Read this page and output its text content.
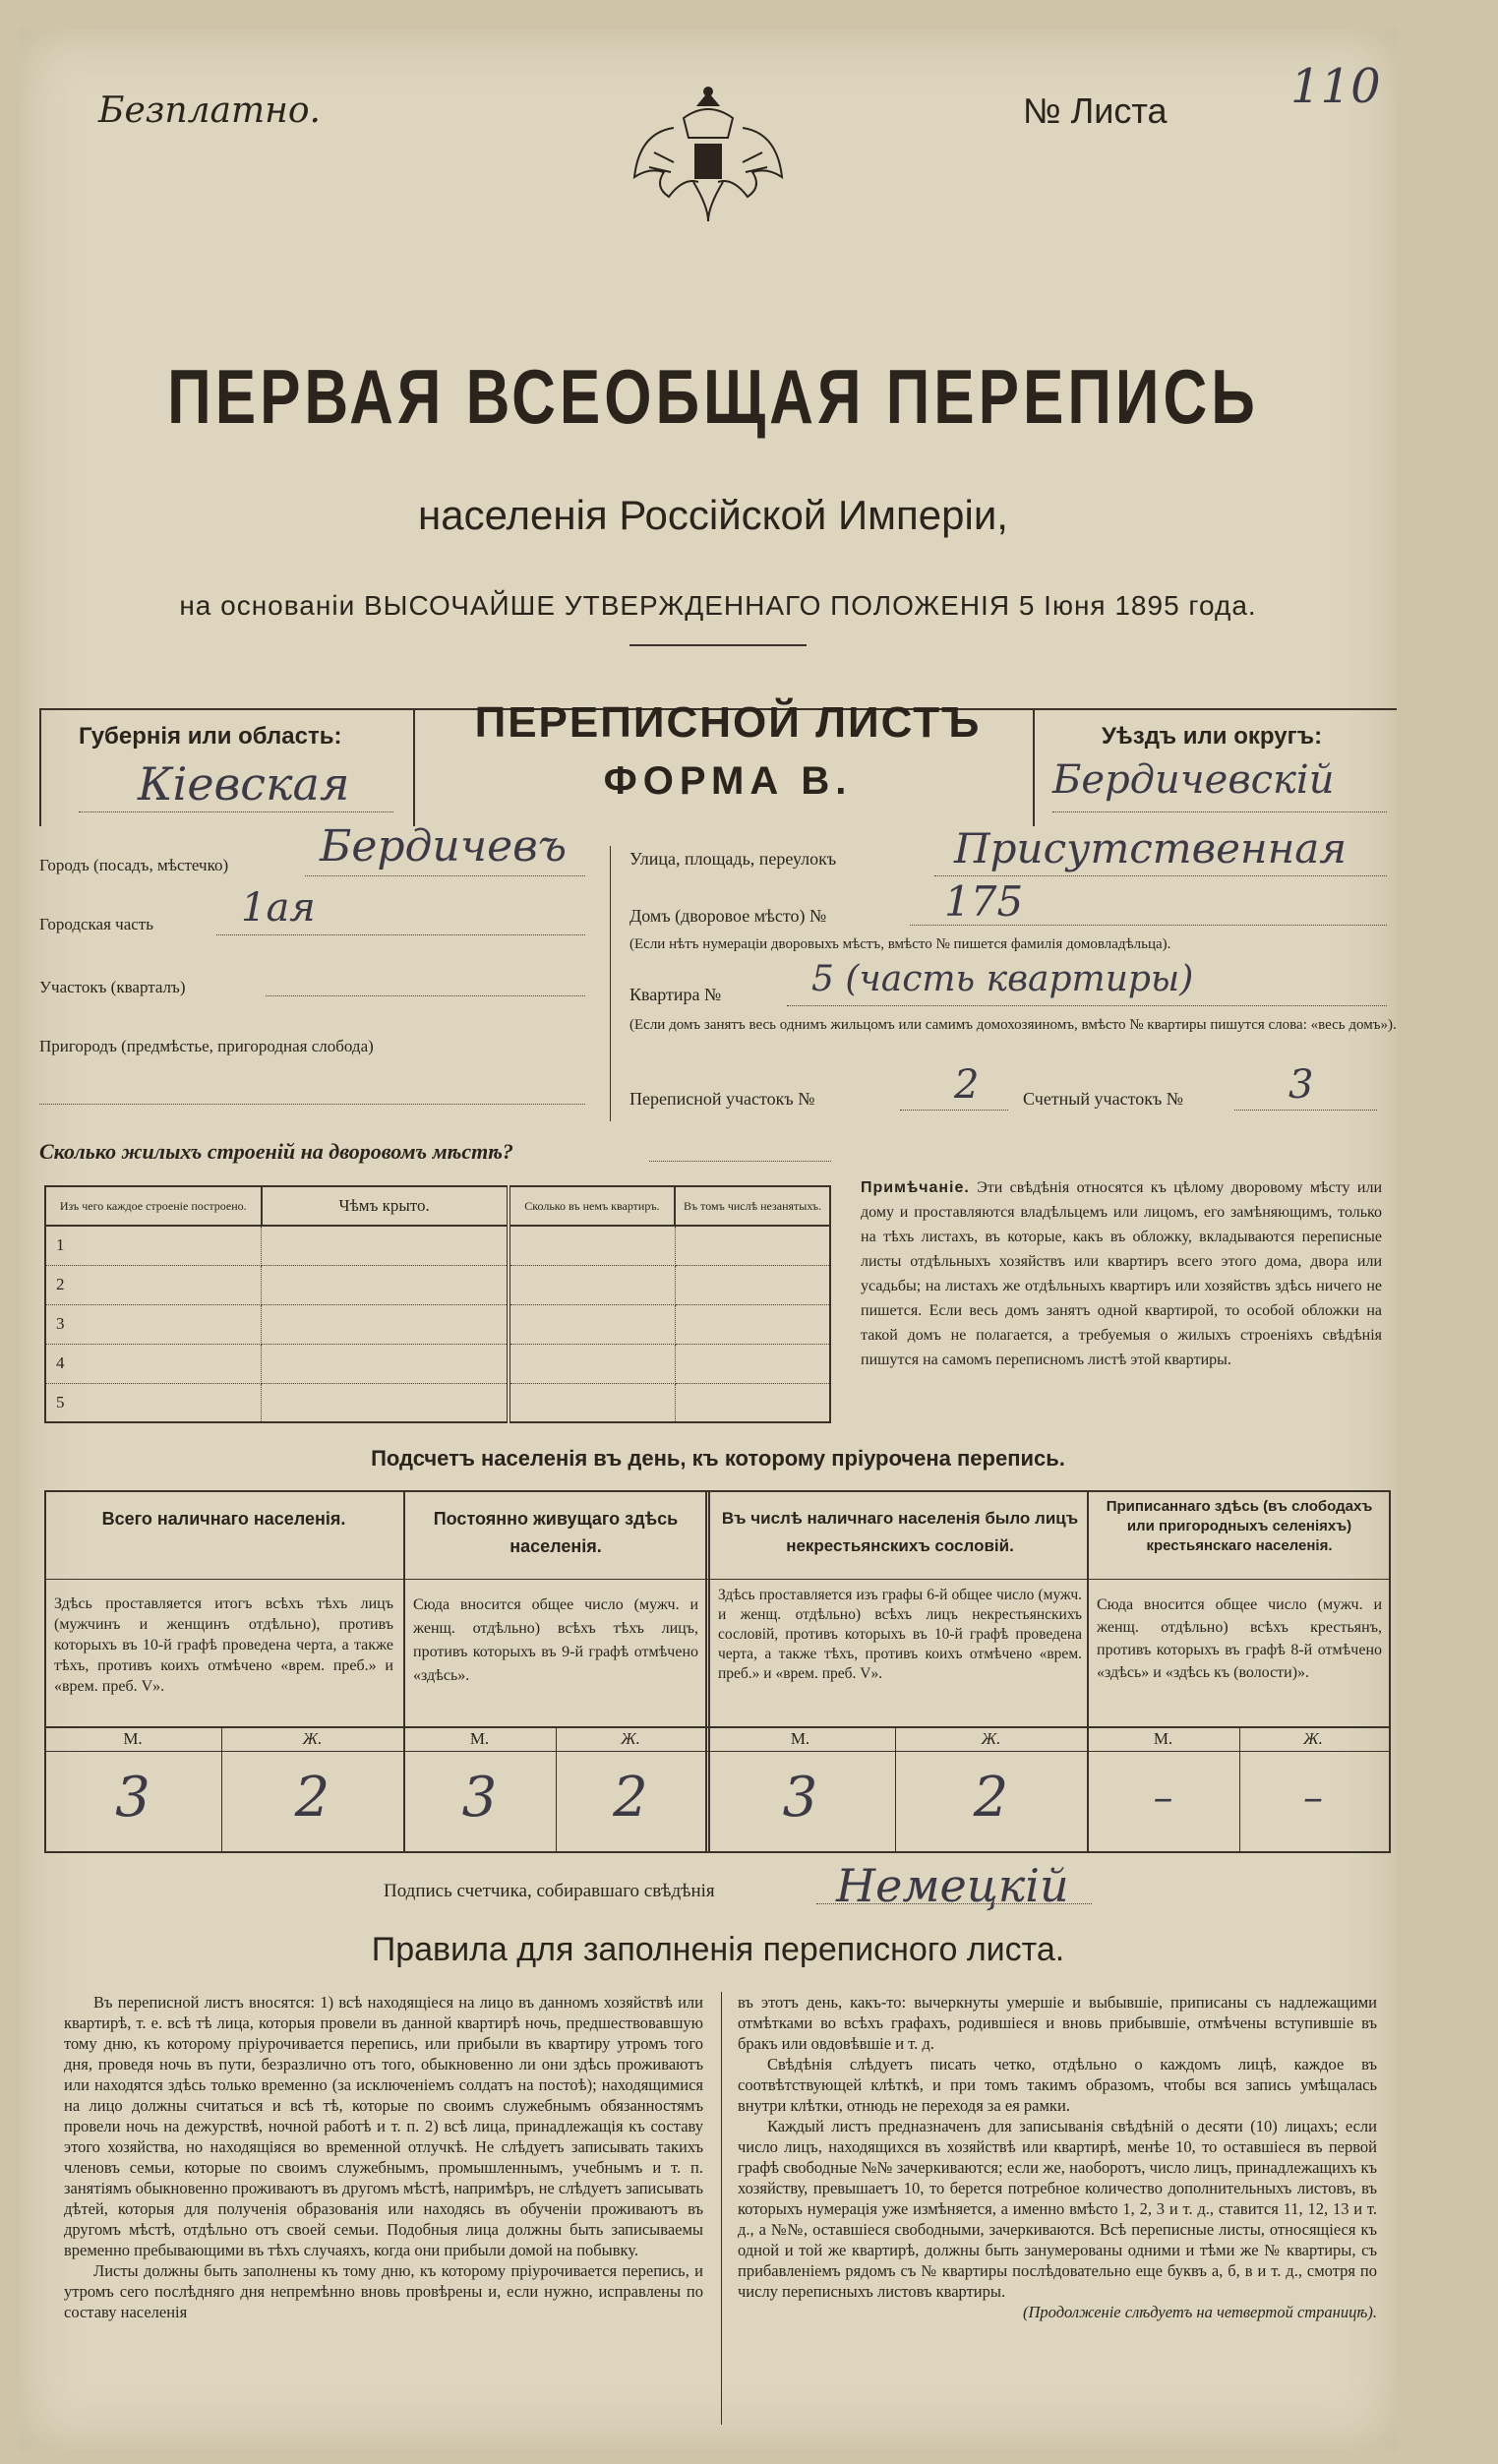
Безплатно.	№ Листа	110
ПЕРВАЯ ВСЕОБЩАЯ ПЕРЕПИСЬ
населенія Россійской Имперіи,
на основаніи ВЫСОЧАЙШЕ УТВЕРЖДЕННАГО ПОЛОЖЕНІЯ 5 Іюня 1895 года.
Губернія или область:
Кіевская
ПЕРЕПИСНОЙ ЛИСТЪ
ФОРМА В.
Уѣздъ или округъ:
Бердичевскій
Городъ (посадъ, мѣстечко) Бердичевъ
Городская часть 1ая
Участокъ (кварталъ)
Пригородъ (предмѣстье, пригородная слобода)
Улица, площадь, переулокъ	Присутственная
Домъ (дворовое мѣсто) №	175
(Если нѣтъ нумераціи дворовыхъ мѣстъ, вмѣсто № пишется фамилія домовладѣльца).
Квартира №	5 (часть квартиры)
(Если домъ занятъ весь однимъ жильцомъ или самимъ домохозяиномъ, вмѣсто № квартиры пишутся слова: «весь домъ»).
Переписной участокъ №	2 Счетный участокъ №	3
Сколько жилыхъ строеній на дворовомъ мѣстѣ?
Изъ чего каждое строеніе построено.	Чѣмъ крыто.	Сколько въ немъ квартиръ.	Въ томъ числѣ незанятыхъ.
1			
2			
3			
4			
5			
Примѣчаніе. Эти свѣдѣнія относятся къ цѣлому дворовому мѣсту или дому и проставляются владѣльцемъ или лицомъ, его замѣняющимъ, только на тѣхъ листахъ, въ которые, какъ въ обложку, вкладываются переписные листы отдѣльныхъ хозяйствъ или квартиръ всего этого дома, двора или усадьбы; на листахъ же отдѣльныхъ квартиръ или хозяйствъ здѣсь ничего не пишется. Если весь домъ занятъ одной квартирой, то особой обложки на такой домъ не полагается, а требуемыя о жилыхъ строеніяхъ свѣдѣнія пишутся на самомъ переписномъ листѣ этой квартиры.
Подсчетъ населенія въ день, къ которому пріурочена перепись.
Всего наличнаго населенія.
Здѣсь проставляется итогъ всѣхъ тѣхъ лицъ (мужчинъ и женщинъ отдѣльно), противъ которыхъ въ 10-й графѣ проведена черта, а также тѣхъ, противъ коихъ отмѣчено «врем. преб.» и «врем. преб. V».
Постоянно живущаго здѣсь населенія.
Сюда вносится общее число (мужч. и женщ. отдѣльно) всѣхъ тѣхъ лицъ, противъ которыхъ въ 9-й графѣ отмѣчено «здѣсь».
Въ числѣ наличнаго населенія было лицъ некрестьянскихъ сословій.
Здѣсь проставляется изъ графы 6-й общее число (мужч. и женщ. отдѣльно) всѣхъ лицъ некрестьянскихъ сословій, противъ которыхъ въ 10-й графѣ проведена черта, а также тѣхъ, противъ коихъ отмѣчено «врем. преб.» и «врем. преб. V».
Приписаннаго здѣсь (въ слободахъ или пригородныхъ селеніяхъ) крестьянскаго населенія.
Сюда вносится общее число (мужч. и женщ. отдѣльно) всѣхъ крестьянъ, противъ которыхъ въ графѣ 8-й отмѣчено «здѣсь» и «здѣсь къ (волости)».
М.	Ж.	М.	Ж.	М.	Ж.	М.	Ж.
3	2	3	2	3	2	–	–
Подпись счетчика, собиравшаго свѣдѣнія	Немецкій
Правила для заполненія переписного листа.
Въ переписной листъ вносятся: 1) всѣ находящіеся на лицо въ данномъ хозяйствѣ или квартирѣ, т. е. всѣ тѣ лица, которыя провели въ данной квартирѣ ночь, предшествовавшую тому дню, къ которому пріурочивается перепись, или прибыли въ квартиру утромъ того дня, проведя ночь въ пути, безразлично отъ того, обыкновенно ли они здѣсь проживаютъ или находятся здѣсь только временно (за исключеніемъ солдатъ на постоѣ); находящимися на лицо должны считаться и всѣ тѣ, которые по своимъ служебнымъ обязанностямъ провели ночь на дежурствѣ, ночной работѣ и т. п. 2) всѣ лица, принадлежащія къ составу этого хозяйства, но находящіяся во временной отлучкѣ. Не слѣдуетъ записывать такихъ членовъ семьи, которые по своимъ служебнымъ, промышленнымъ, учебнымъ и т. п. занятіямъ обыкновенно проживаютъ въ другомъ мѣстѣ, напримѣръ, не слѣдуетъ записывать дѣтей, которыя для полученія образованія или находясь въ обученіи проживаютъ въ другомъ мѣстѣ, отдѣльно отъ своей семьи. Подобныя лица должны быть записываемы временно пребывающими въ тѣхъ случаяхъ, когда они прибыли домой на побывку.
Листы должны быть заполнены къ тому дню, къ которому пріурочивается перепись, и утромъ сего послѣдняго дня непремѣнно вновь провѣрены и, если нужно, исправлены по составу населенія
въ этотъ день, какъ-то: вычеркнуты умершіе и выбывшіе, приписаны съ надлежащими отмѣтками во всѣхъ графахъ, родившіеся и вновь прибывшіе, отмѣчены вступившіе въ бракъ или овдовѣвшіе и т. д.
Свѣдѣнія слѣдуетъ писать четко, отдѣльно о каждомъ лицѣ, каждое въ соотвѣтствующей клѣткѣ, и при томъ такимъ образомъ, чтобы вся запись умѣщалась внутри клѣтки, отнюдь не переходя за ея рамки.
Каждый листъ предназначенъ для записыванія свѣдѣній о десяти (10) лицахъ; если число лицъ, находящихся въ хозяйствѣ или квартирѣ, менѣе 10, то оставшіеся въ первой графѣ свободные №№ зачеркиваются; если же, наоборотъ, число лицъ, принадлежащихъ къ хозяйству, превышаетъ 10, то берется потребное количество дополнительныхъ листовъ, въ которыхъ нумерація уже измѣняется, а именно вмѣсто 1, 2, 3 и т. д., ставится 11, 12, 13 и т. д., а №№, оставшіеся свободными, зачеркиваются. Всѣ переписные листы, относящіеся къ одной и той же квартирѣ, должны быть занумерованы одними и тѣми же № квартиры, съ прибавленіемъ рядомъ съ № квартиры послѣдовательно еще буквъ а, б, в и т. д., смотря по числу переписныхъ листовъ квартиры.
(Продолженіе слѣдуетъ на четвертой страницѣ).
